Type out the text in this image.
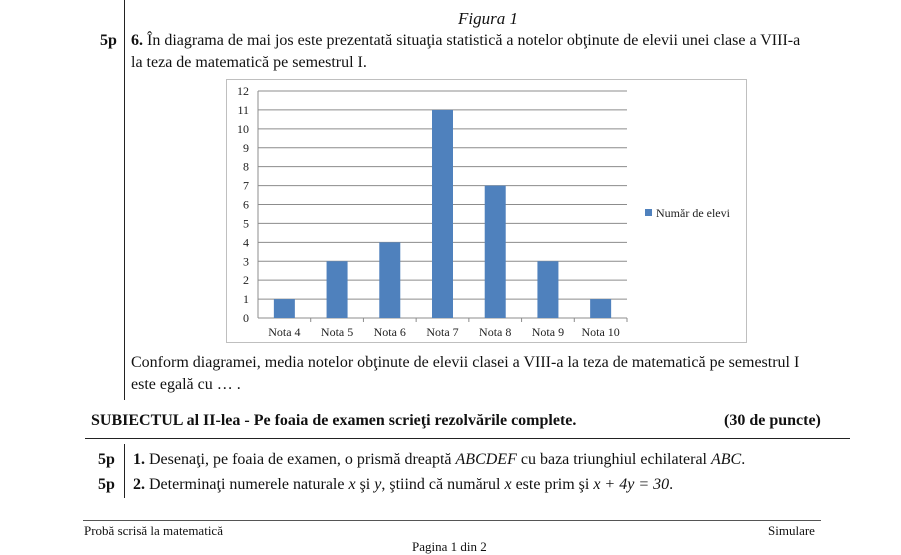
Figura 1
5p 6. În diagrama de mai jos este prezentată situaţia statistică a notelor obţinute de elevii unei clase a VIII-a
la teza de matematică pe semestrul I.
0
1
2
3
4
5
6
7
8
9
10
11
12
Nota 4 Nota 5 Nota 6 Nota 7 Nota 8 Nota 9 Nota 10
Număr de elevi
Conform diagramei, media notelor obţinute de elevii clasei a VIII-a la teza de matematică pe semestrul I
este egală cu … .
SUBIECTUL al II-lea - Pe foaia de examen scrieţi rezolvările complete.	(30 de puncte)
5p 1. Desenaţi, pe foaia de examen, o prismă dreaptă ABCDEF cu baza triunghiul echilateral ABC.
5p 2. Determinaţi numerele naturale x şi y, ştiind că numărul x este prim şi x + 4y = 30.
Probă scrisă la matematică	Simulare
Pagina 1 din 2
